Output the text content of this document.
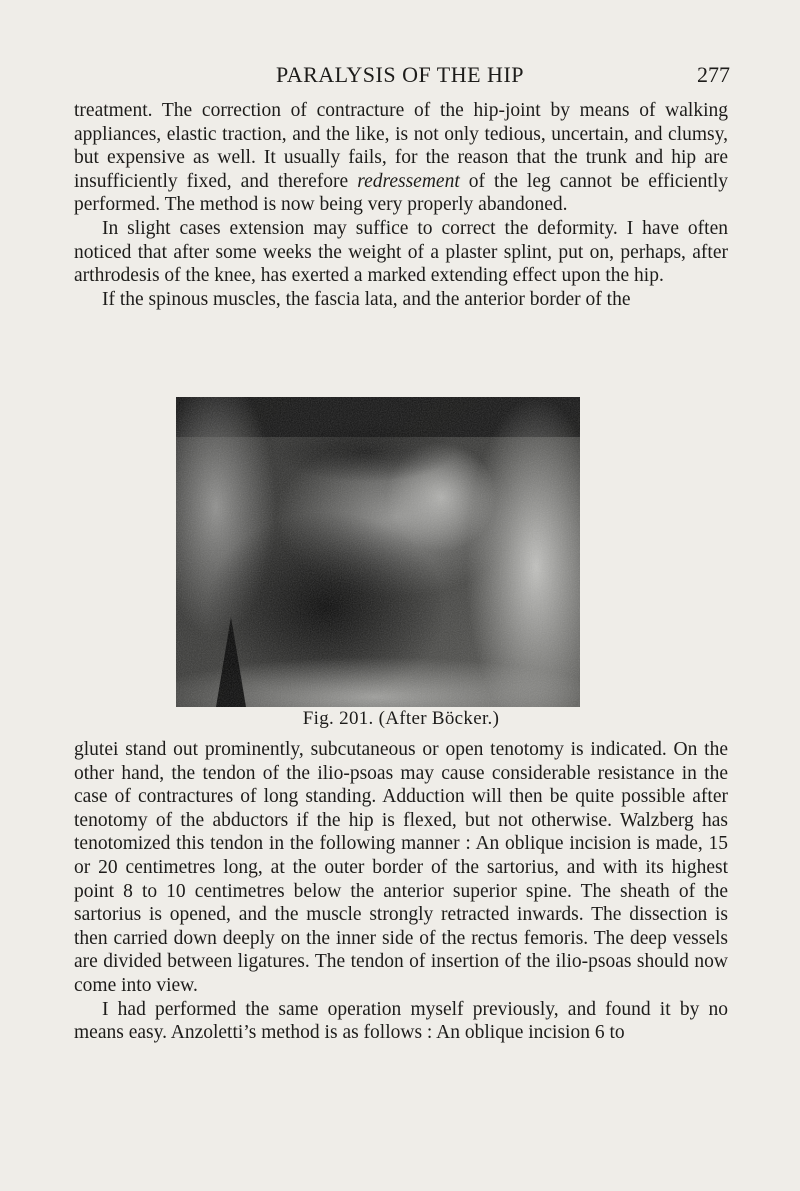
PARALYSIS OF THE HIP	277

treatment. The correction of contracture of the hip-joint by means of walking appliances, elastic traction, and the like, is not only tedious, uncertain, and clumsy, but expensive as well. It usually fails, for the reason that the trunk and hip are insufficiently fixed, and therefore redressement of the leg cannot be efficiently performed. The method is now being very properly abandoned.

In slight cases extension may suffice to correct the deformity. I have often noticed that after some weeks the weight of a plaster splint, put on, perhaps, after arthrodesis of the knee, has exerted a marked extending effect upon the hip.

If the spinous muscles, the fascia lata, and the anterior border of the

Fig. 201. (After Böcker.)

glutei stand out prominently, subcutaneous or open tenotomy is indicated. On the other hand, the tendon of the ilio-psoas may cause considerable resistance in the case of contractures of long standing. Adduction will then be quite possible after tenotomy of the abductors if the hip is flexed, but not otherwise. Walzberg has tenotomized this tendon in the following manner : An oblique incision is made, 15 or 20 centimetres long, at the outer border of the sartorius, and with its highest point 8 to 10 centimetres below the anterior superior spine. The sheath of the sartorius is opened, and the muscle strongly retracted inwards. The dissection is then carried down deeply on the inner side of the rectus femoris. The deep vessels are divided between ligatures. The tendon of insertion of the ilio-psoas should now come into view.

I had performed the same operation myself previously, and found it by no means easy. Anzoletti’s method is as follows : An oblique incision 6 to
